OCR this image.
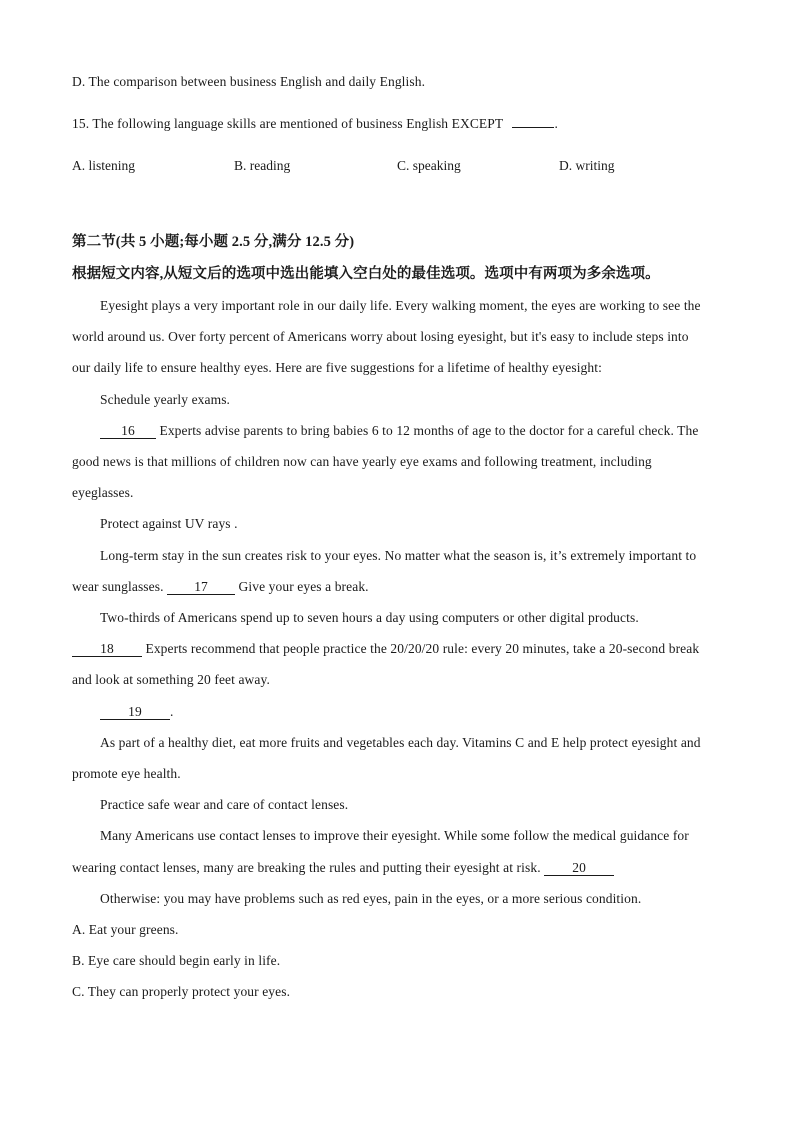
D. The comparison between business English and daily English.
15. The following language skills are mentioned of business English EXCEPT	.
A. listening	B. reading	C. speaking	D. writing
第二节(共 5 小题;每小题 2.5 分,满分 12.5 分)
根据短文内容,从短文后的选项中选出能填入空白处的最佳选项。选项中有两项为多余选项。
Eyesight plays a very important role in our daily life. Every walking moment, the eyes are working to see the
world around us. Over forty percent of Americans worry about losing eyesight, but it's easy to include steps into
our daily life to ensure healthy eyes. Here are five suggestions for a lifetime of healthy eyesight:
Schedule yearly exams.
16 Experts advise parents to bring babies 6 to 12 months of age to the doctor for a careful check. The
good news is that millions of children now can have yearly eye exams and following treatment, including
eyeglasses.
Protect against UV rays .
Long-term stay in the sun creates risk to your eyes. No matter what the season is, it’s extremely important to
wear sunglasses. 17 Give your eyes a break.
Two-thirds of Americans spend up to seven hours a day using computers or other digital products.
18 Experts recommend that people practice the 20/20/20 rule: every 20 minutes, take a 20-second break
and look at something 20 feet away.
19 .
As part of a healthy diet, eat more fruits and vegetables each day. Vitamins C and E help protect eyesight and
promote eye health.
Practice safe wear and care of contact lenses.
Many Americans use contact lenses to improve their eyesight. While some follow the medical guidance for
wearing contact lenses, many are breaking the rules and putting their eyesight at risk. 20
Otherwise: you may have problems such as red eyes, pain in the eyes, or a more serious condition.
A. Eat your greens.
B. Eye care should begin early in life.
C. They can properly protect your eyes.
